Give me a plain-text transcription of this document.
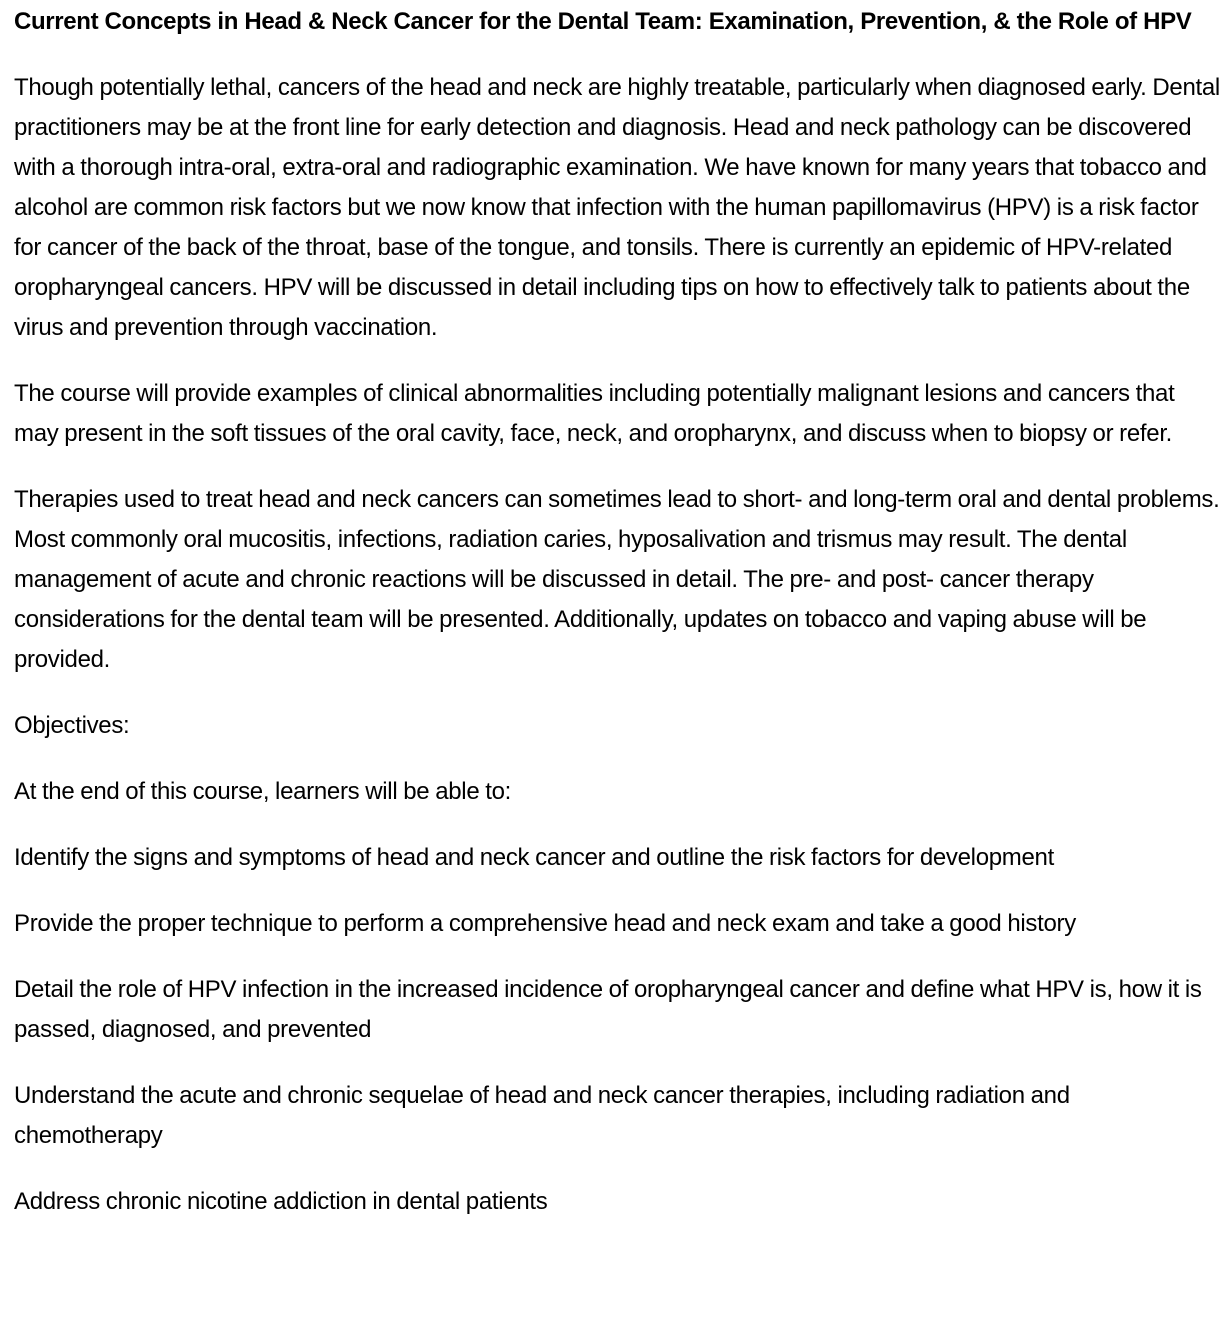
Current Concepts in Head & Neck Cancer for the Dental Team: Examination, Prevention, & the Role of HPV

Though potentially lethal, cancers of the head and neck are highly treatable, particularly when diagnosed early. Dental practitioners may be at the front line for early detection and diagnosis. Head and neck pathology can be discovered with a thorough intra-oral, extra-oral and radiographic examination. We have known for many years that tobacco and alcohol are common risk factors but we now know that infection with the human papillomavirus (HPV) is a risk factor for cancer of the back of the throat, base of the tongue, and tonsils. There is currently an epidemic of HPV-related oropharyngeal cancers. HPV will be discussed in detail including tips on how to effectively talk to patients about the virus and prevention through vaccination.

The course will provide examples of clinical abnormalities including potentially malignant lesions and cancers that may present in the soft tissues of the oral cavity, face, neck, and oropharynx, and discuss when to biopsy or refer.

Therapies used to treat head and neck cancers can sometimes lead to short- and long-term oral and dental problems. Most commonly oral mucositis, infections, radiation caries, hyposalivation and trismus may result. The dental management of acute and chronic reactions will be discussed in detail. The pre- and post- cancer therapy considerations for the dental team will be presented. Additionally, updates on tobacco and vaping abuse will be provided.

Objectives:

At the end of this course, learners will be able to:

Identify the signs and symptoms of head and neck cancer and outline the risk factors for development

Provide the proper technique to perform a comprehensive head and neck exam and take a good history

Detail the role of HPV infection in the increased incidence of oropharyngeal cancer and define what HPV is, how it is passed, diagnosed, and prevented

Understand the acute and chronic sequelae of head and neck cancer therapies, including radiation and chemotherapy

Address chronic nicotine addiction in dental patients
